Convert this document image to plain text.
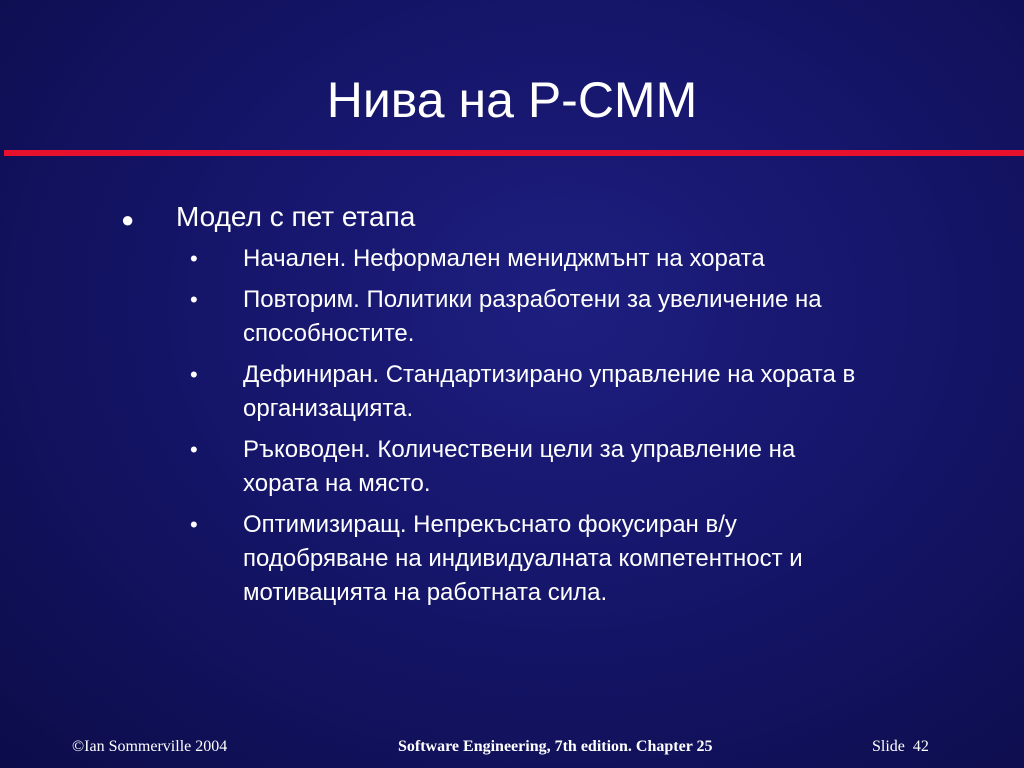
Нива на P-CMM
● Модел с пет етапа
• Начален. Неформален мениджмънт на хората
• Повторим. Политики разработени за увеличение на
способностите.
• Дефиниран. Стандартизирано управление на хората в
организацията.
• Ръководен. Количествени цели за управление на
хората на място.
• Оптимизиращ. Непрекъснато фокусиран в/у
подобряване на индивидуалната компетентност и
мотивацията на работната сила.
©Ian Sommerville 2004	Software Engineering, 7th edition. Chapter 25	Slide 42
